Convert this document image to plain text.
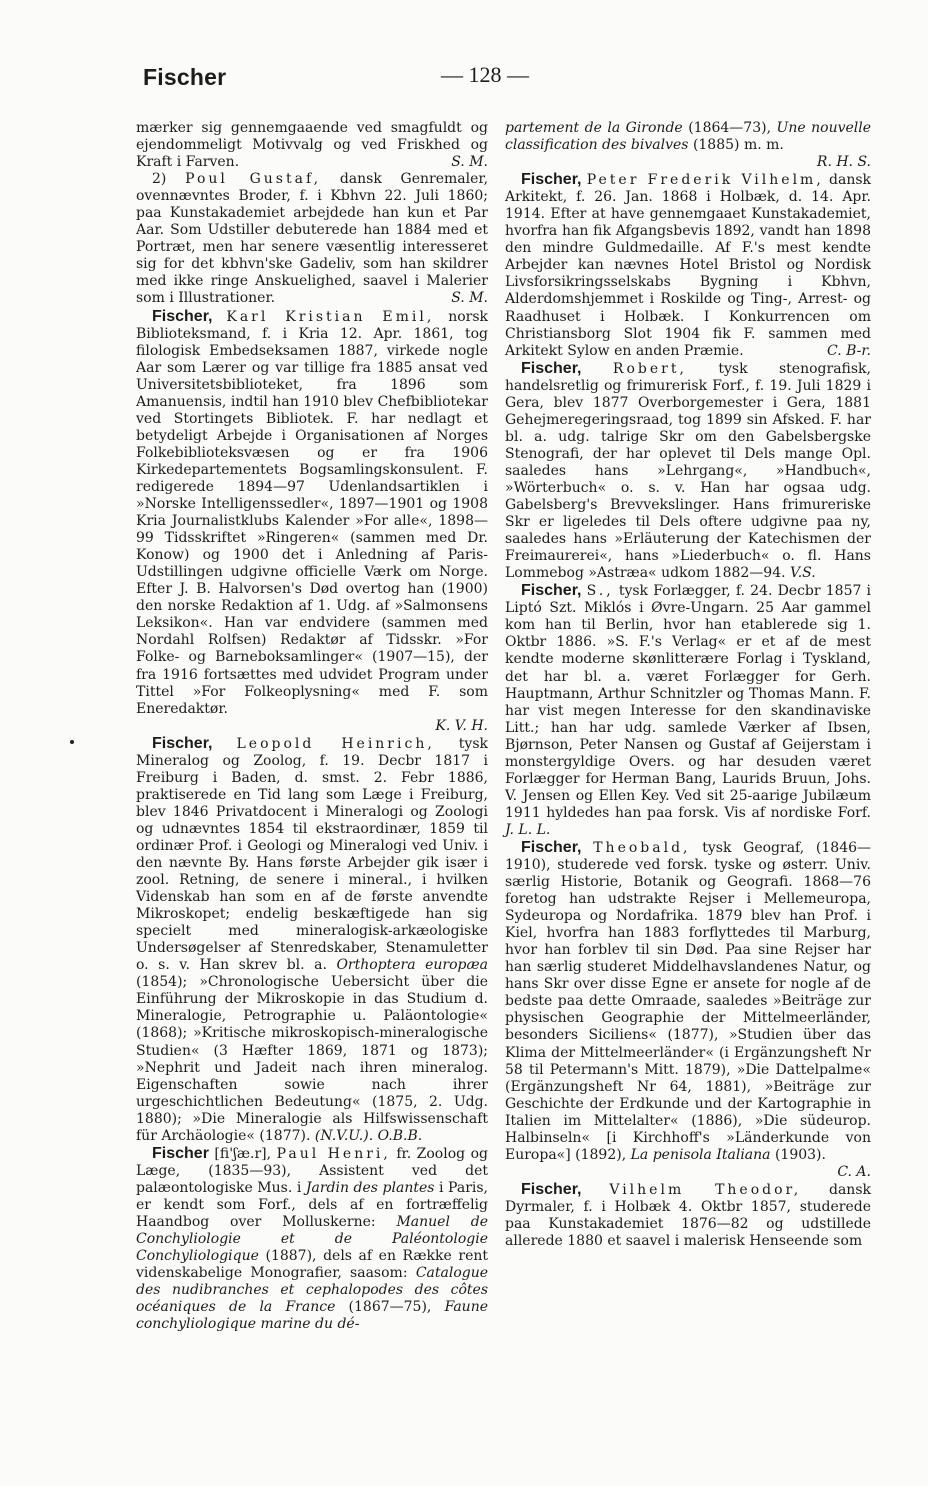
Fischer	— 128 —

mærker sig gennemgaaende ved smagfuldt og ejendommeligt Motivvalg og ved Friskhed og Kraft i Farven.	S. M.

2) Poul Gustaf, dansk Genremaler, ovennævntes Broder, f. i Kbhvn 22. Juli 1860; paa Kunstakademiet arbejdede han kun et Par Aar. Som Udstiller debuterede han 1884 med et Portræt, men har senere væsentlig interesseret sig for det kbhvn'ske Gadeliv, som han skildrer med ikke ringe Anskuelighed, saavel i Malerier som i Illustrationer.	S. M.

Fischer, Karl Kristian Emil, norsk Biblioteksmand, f. i Kria 12. Apr. 1861, tog filologisk Embedseksamen 1887, virkede nogle Aar som Lærer og var tillige fra 1885 ansat ved Universitetsbiblioteket, fra 1896 som Amanuensis, indtil han 1910 blev Chefbibliotekar ved Stortingets Bibliotek. F. har nedlagt et betydeligt Arbejde i Organisationen af Norges Folkebiblioteksvæsen og er fra 1906 Kirkedepartementets Bogsamlingskonsulent. F. redigerede 1894—97 Udenlandsartiklen i »Norske Intelligenssedler«, 1897—1901 og 1908 Kria Journalistklubs Kalender »For alle«, 1898—99 Tidsskriftet »Ringeren« (sammen med Dr. Konow) og 1900 det i Anledning af Paris-Udstillingen udgivne officielle Værk om Norge. Efter J. B. Halvorsen's Død overtog han (1900) den norske Redaktion af 1. Udg. af »Salmonsens Leksikon«. Han var endvidere (sammen med Nordahl Rolfsen) Redaktør af Tidsskr. »For Folke- og Barneboksamlinger« (1907—15), der fra 1916 fortsættes med udvidet Program under Tittel »For Folkeoplysning« med F. som Eneredaktør.

K. V. H.

Fischer, Leopold Heinrich, tysk Mineralog og Zoolog, f. 19. Decbr 1817 i Freiburg i Baden, d. smst. 2. Febr 1886, praktiserede en Tid lang som Læge i Freiburg, blev 1846 Privatdocent i Mineralogi og Zoologi og udnævntes 1854 til ekstraordinær, 1859 til ordinær Prof. i Geologi og Mineralogi ved Univ. i den nævnte By. Hans første Arbejder gik især i zool. Retning, de senere i mineral., i hvilken Videnskab han som en af de første anvendte Mikroskopet; endelig beskæftigede han sig specielt med mineralogisk-arkæologiske Undersøgelser af Stenredskaber, Stenamuletter o. s. v. Han skrev bl. a. Orthoptera europæa (1854); »Chronologische Uebersicht über die Einführung der Mikroskopie in das Studium d. Mineralogie, Petrographie u. Paläontologie« (1868); »Kritische mikroskopisch-mineralogische Studien« (3 Hæfter 1869, 1871 og 1873); »Nephrit und Jadeit nach ihren mineralog. Eigenschaften sowie nach ihrer urgeschichtlichen Bedeutung« (1875, 2. Udg. 1880); »Die Mineralogie als Hilfswissenschaft für Archäologie« (1877). (N.V.U.). O.B.B.

Fischer [fi'ʃæ.r], Paul Henri, fr. Zoolog og Læge, (1835—93), Assistent ved det palæontologiske Mus. i Jardin des plantes i Paris, er kendt som Forf., dels af en fortræffelig Haandbog over Molluskerne: Manuel de Conchyliologie et de Paléontologie Conchyliologique (1887), dels af en Række rent videnskabelige Monografier, saasom: Catalogue des nudibranches et cephalopodes des côtes océaniques de la France (1867—75), Faune conchyliologique marine du dé-

partement de la Gironde (1864—73), Une nouvelle classification des bivalves (1885) m. m.

R. H. S.

Fischer, Peter Frederik Vilhelm, dansk Arkitekt, f. 26. Jan. 1868 i Holbæk, d. 14. Apr. 1914. Efter at have gennemgaaet Kunstakademiet, hvorfra han fik Afgangsbevis 1892, vandt han 1898 den mindre Guldmedaille. Af F.'s mest kendte Arbejder kan nævnes Hotel Bristol og Nordisk Livsforsikringsselskabs Bygning i Kbhvn, Alderdomshjemmet i Roskilde og Ting-, Arrest- og Raadhuset i Holbæk. I Konkurrencen om Christiansborg Slot 1904 fik F. sammen med Arkitekt Sylow en anden Præmie.	C. B-r.

Fischer, Robert, tysk stenografisk, handelsretlig og frimurerisk Forf., f. 19. Juli 1829 i Gera, blev 1877 Overborgemester i Gera, 1881 Gehejmeregeringsraad, tog 1899 sin Afsked. F. har bl. a. udg. talrige Skr om den Gabelsbergske Stenografi, der har oplevet til Dels mange Opl. saaledes hans »Lehrgang«, »Handbuch«, »Wörterbuch« o. s. v. Han har ogsaa udg. Gabelsberg's Brevvekslinger. Hans frimureriske Skr er ligeledes til Dels oftere udgivne paa ny, saaledes hans »Erläuterung der Katechismen der Freimaurerei«, hans »Liederbuch« o. fl. Hans Lommebog »Astræa« udkom 1882—94. V.S.

Fischer, S., tysk Forlægger, f. 24. Decbr 1857 i Liptó Szt. Miklós i Øvre-Ungarn. 25 Aar gammel kom han til Berlin, hvor han etablerede sig 1. Oktbr 1886. »S. F.'s Verlag« er et af de mest kendte moderne skønlitterære Forlag i Tyskland, det har bl. a. været Forlægger for Gerh. Hauptmann, Arthur Schnitzler og Thomas Mann. F. har vist megen Interesse for den skandinaviske Litt.; han har udg. samlede Værker af Ibsen, Bjørnson, Peter Nansen og Gustaf af Geijerstam i monstergyldige Overs. og har desuden været Forlægger for Herman Bang, Laurids Bruun, Johs. V. Jensen og Ellen Key. Ved sit 25-aarige Jubilæum 1911 hyldedes han paa forsk. Vis af nordiske Forf. J. L. L.

Fischer, Theobald, tysk Geograf, (1846—1910), studerede ved forsk. tyske og østerr. Univ. særlig Historie, Botanik og Geografi. 1868—76 foretog han udstrakte Rejser i Mellemeuropa, Sydeuropa og Nordafrika. 1879 blev han Prof. i Kiel, hvorfra han 1883 forflyttedes til Marburg, hvor han forblev til sin Død. Paa sine Rejser har han særlig studeret Middelhavslandenes Natur, og hans Skr over disse Egne er ansete for nogle af de bedste paa dette Omraade, saaledes »Beiträge zur physischen Geographie der Mittelmeerländer, besonders Siciliens« (1877), »Studien über das Klima der Mittelmeerländer« (i Ergänzungsheft Nr 58 til Petermann's Mitt. 1879), »Die Dattelpalme« (Ergänzungsheft Nr 64, 1881), »Beiträge zur Geschichte der Erdkunde und der Kartographie in Italien im Mittelalter« (1886), »Die südeurop. Halbinseln« [i Kirchhoff's »Länderkunde von Europa«] (1892), La penisola Italiana (1903).
C. A.

Fischer, Vilhelm Theodor, dansk Dyrmaler, f. i Holbæk 4. Oktbr 1857, studerede paa Kunstakademiet 1876—82 og udstillede allerede 1880 et saavel i malerisk Henseende som
